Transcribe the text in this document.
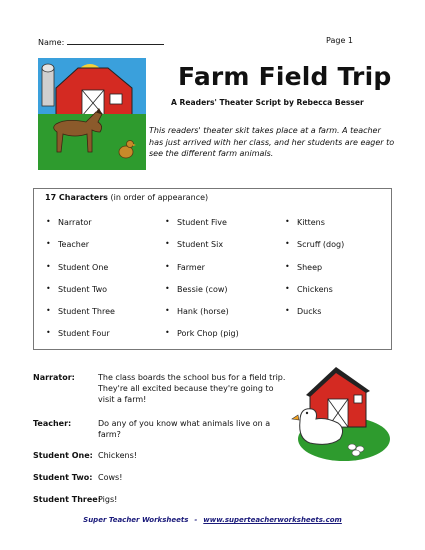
Name:	Page 1
Farm Field Trip
A Readers' Theater Script by Rebecca Besser
This readers' theater skit takes place at a farm. A teacher has just arrived with her class, and her students are eager to see the different farm animals.
17 Characters (in order of appearance)
• Narrator
• Teacher
• Student One
• Student Two
• Student Three
• Student Four
• Student Five
• Student Six
• Farmer
• Bessie (cow)
• Hank (horse)
• Pork Chop (pig)
• Kittens
• Scruff (dog)
• Sheep
• Chickens
• Ducks
Narrator:	The class boards the school bus for a field trip.
They're all excited because they're going to
visit a farm!
Teacher:	Do any of you know what animals live on a
farm?
Student One: Chickens!
Student Two: Cows!
Student Three:
Pigs!
Super Teacher Worksheets - www.superteacherworksheets.com
